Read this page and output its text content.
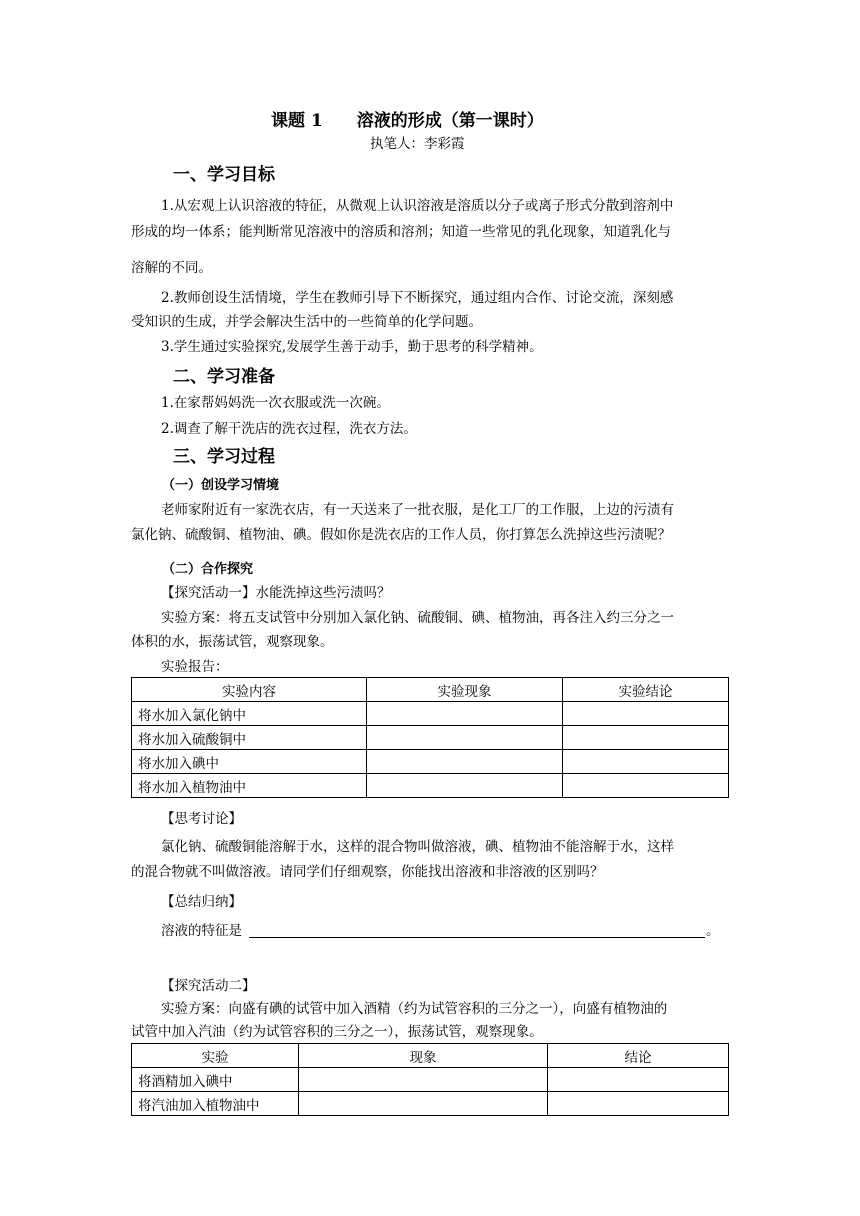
课题 1　　溶液的形成（第一课时）
执笔人：李彩霞
一、学习目标
1.从宏观上认识溶液的特征，从微观上认识溶液是溶质以分子或离子形式分散到溶剂中
形成的均一体系；能判断常见溶液中的溶质和溶剂；知道一些常见的乳化现象，知道乳化与
溶解的不同。
2.教师创设生活情境，学生在教师引导下不断探究，通过组内合作、讨论交流，深刻感
受知识的生成，并学会解决生活中的一些简单的化学问题。
3.学生通过实验探究,发展学生善于动手，勤于思考的科学精神。
二、学习准备
1.在家帮妈妈洗一次衣服或洗一次碗。
2.调查了解干洗店的洗衣过程，洗衣方法。
三、学习过程
（一）创设学习情境
老师家附近有一家洗衣店，有一天送来了一批衣服，是化工厂的工作服，上边的污渍有
氯化钠、硫酸铜、植物油、碘。假如你是洗衣店的工作人员，你打算怎么洗掉这些污渍呢？
（二）合作探究
【探究活动一】水能洗掉这些污渍吗？
实验方案：将五支试管中分别加入氯化钠、硫酸铜、碘、植物油，再各注入约三分之一
体积的水，振荡试管，观察现象。
实验报告：
实验内容	实验现象	实验结论
将水加入氯化钠中		
将水加入硫酸铜中		
将水加入碘中		
将水加入植物油中		
【思考讨论】
氯化钠、硫酸铜能溶解于水，这样的混合物叫做溶液，碘、植物油不能溶解于水，这样
的混合物就不叫做溶液。请同学们仔细观察，你能找出溶液和非溶液的区别吗？
【总结归纳】
溶液的特征是	。
【探究活动二】
实验方案：向盛有碘的试管中加入酒精（约为试管容积的三分之一），向盛有植物油的
试管中加入汽油（约为试管容积的三分之一），振荡试管，观察现象。
实验	现象	结论
将酒精加入碘中		
将汽油加入植物油中		
